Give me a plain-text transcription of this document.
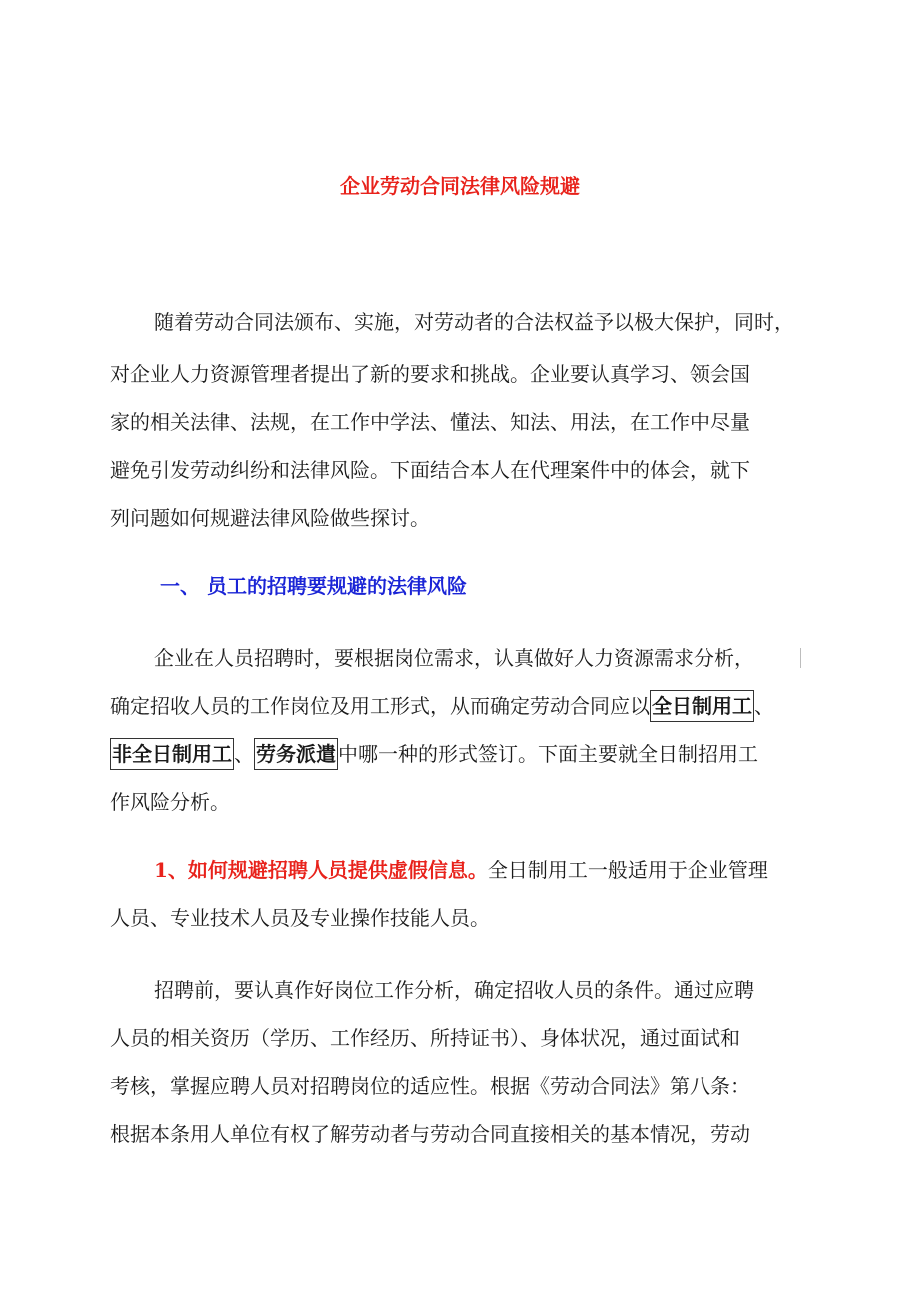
企业劳动合同法律风险规避
随着劳动合同法颁布、实施，对劳动者的合法权益予以极大保护，同时，
对企业人力资源管理者提出了新的要求和挑战。企业要认真学习、领会国
家的相关法律、法规，在工作中学法、懂法、知法、用法，在工作中尽量
避免引发劳动纠纷和法律风险。下面结合本人在代理案件中的体会，就下
列问题如何规避法律风险做些探讨。
一、 员工的招聘要规避的法律风险
企业在人员招聘时，要根据岗位需求，认真做好人力资源需求分析，
确定招收人员的工作岗位及用工形式，从而确定劳动合同应以 全日制用工 、
非全日制用工 、 劳务派遣 中哪一种的形式签订。下面主要就全日制招用工
作风险分析。
1、如何规避招聘人员提供虚假信息。全日制用工一般适用于企业管理
人员、专业技术人员及专业操作技能人员。
招聘前，要认真作好岗位工作分析，确定招收人员的条件。通过应聘
人员的相关资历（学历、工作经历、所持证书）、身体状况，通过面试和
考核，掌握应聘人员对招聘岗位的适应性。根据《劳动合同法》第八条：
根据本条用人单位有权了解劳动者与劳动合同直接相关的基本情况，劳动
